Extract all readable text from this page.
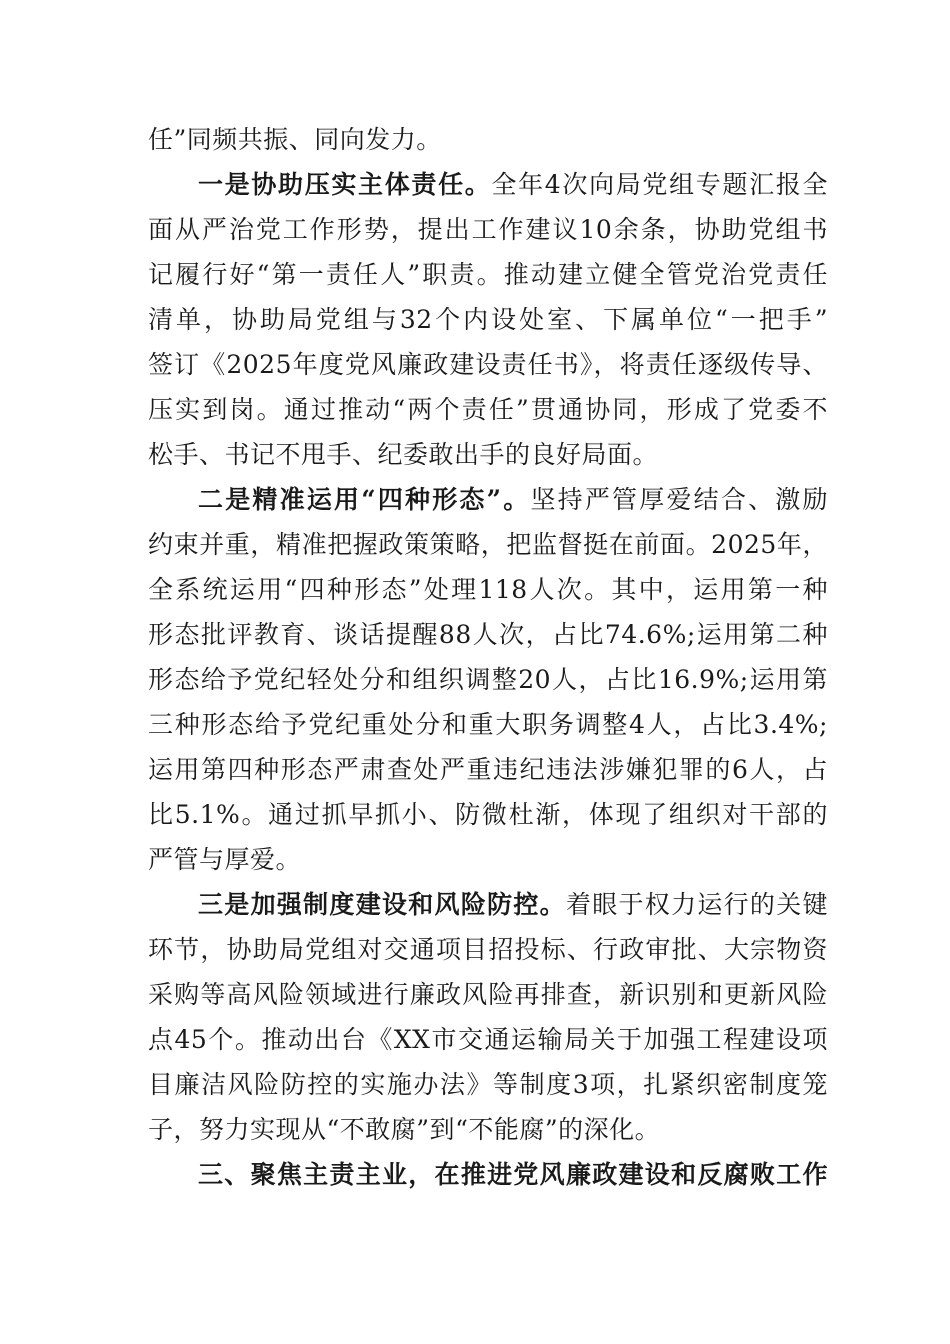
任”同频共振、同向发力。
一是协助压实主体责任。全年4次向局党组专题汇报全
面从严治党工作形势，提出工作建议10余条，协助党组书
记履行好“第一责任人”职责。推动建立健全管党治党责任
清单，协助局党组与32个内设处室、下属单位“一把手”
签订《2025年度党风廉政建设责任书》，将责任逐级传导、
压实到岗。通过推动“两个责任”贯通协同，形成了党委不
松手、书记不甩手、纪委敢出手的良好局面。
二是精准运用“四种形态”。坚持严管厚爱结合、激励
约束并重，精准把握政策策略，把监督挺在前面。2025年，
全系统运用“四种形态”处理118人次。其中，运用第一种
形态批评教育、谈话提醒88人次，占比74.6%;运用第二种
形态给予党纪轻处分和组织调整20人，占比16.9%;运用第
三种形态给予党纪重处分和重大职务调整4人，占比3.4%;
运用第四种形态严肃查处严重违纪违法涉嫌犯罪的6人，占
比5.1%。通过抓早抓小、防微杜渐，体现了组织对干部的
严管与厚爱。
三是加强制度建设和风险防控。着眼于权力运行的关键
环节，协助局党组对交通项目招投标、行政审批、大宗物资
采购等高风险领域进行廉政风险再排查，新识别和更新风险
点45个。推动出台《XX市交通运输局关于加强工程建设项
目廉洁风险防控的实施办法》等制度3项，扎紧织密制度笼
子，努力实现从“不敢腐”到“不能腐”的深化。
三、聚焦主责主业，在推进党风廉政建设和反腐败工作
